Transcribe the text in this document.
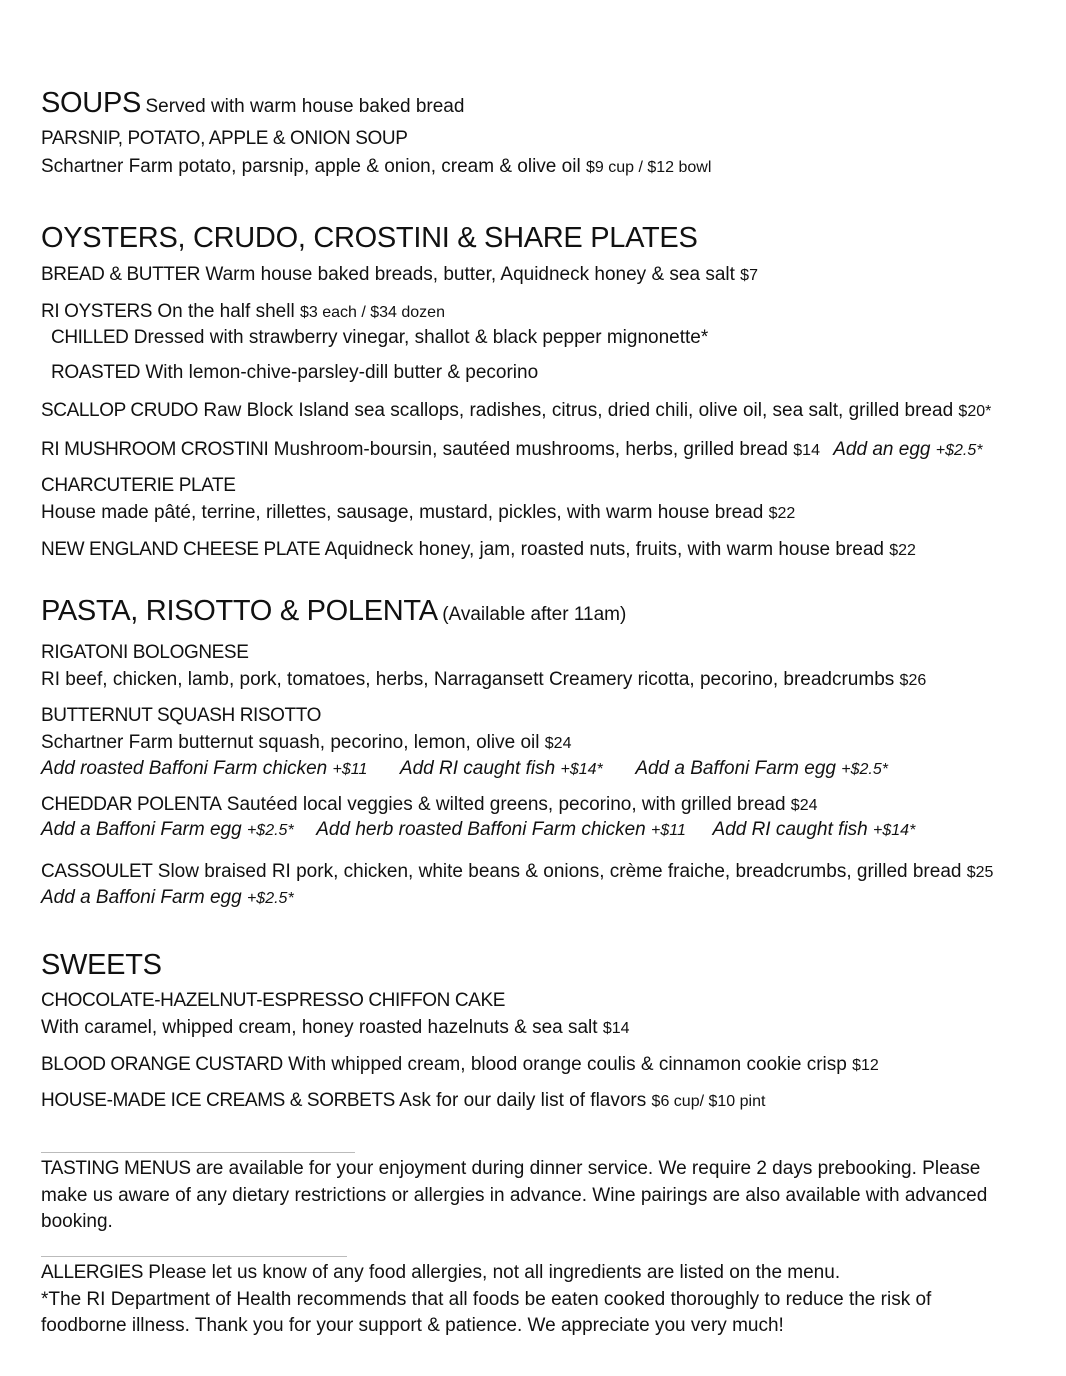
SOUPS Served with warm house baked bread
PARSNIP, POTATO, APPLE & ONION SOUP
Schartner Farm potato, parsnip, apple & onion, cream & olive oil $9 cup / $12 bowl
OYSTERS, CRUDO, CROSTINI & SHARE PLATES
BREAD & BUTTER Warm house baked breads, butter, Aquidneck honey & sea salt $7
RI OYSTERS On the half shell $3 each / $34 dozen
CHILLED Dressed with strawberry vinegar, shallot & black pepper mignonette*
ROASTED With lemon-chive-parsley-dill butter & pecorino
SCALLOP CRUDO Raw Block Island sea scallops, radishes, citrus, dried chili, olive oil, sea salt, grilled bread $20*
RI MUSHROOM CROSTINI Mushroom-boursin, sautéed mushrooms, herbs, grilled bread $14 Add an egg +$2.5*
CHARCUTERIE PLATE
House made pâté, terrine, rillettes, sausage, mustard, pickles, with warm house bread $22
NEW ENGLAND CHEESE PLATE Aquidneck honey, jam, roasted nuts, fruits, with warm house bread $22
PASTA, RISOTTO & POLENTA (Available after 11am)
RIGATONI BOLOGNESE
RI beef, chicken, lamb, pork, tomatoes, herbs, Narragansett Creamery ricotta, pecorino, breadcrumbs $26
BUTTERNUT SQUASH RISOTTO
Schartner Farm butternut squash, pecorino, lemon, olive oil $24
Add roasted Baffoni Farm chicken +$11 Add RI caught fish +$14* Add a Baffoni Farm egg +$2.5*
CHEDDAR POLENTA Sautéed local veggies & wilted greens, pecorino, with grilled bread $24
Add a Baffoni Farm egg +$2.5* Add herb roasted Baffoni Farm chicken +$11 Add RI caught fish +$14*
CASSOULET Slow braised RI pork, chicken, white beans & onions, crème fraiche, breadcrumbs, grilled bread $25
Add a Baffoni Farm egg +$2.5*
SWEETS
CHOCOLATE-HAZELNUT-ESPRESSO CHIFFON CAKE
With caramel, whipped cream, honey roasted hazelnuts & sea salt $14
BLOOD ORANGE CUSTARD With whipped cream, blood orange coulis & cinnamon cookie crisp $12
HOUSE-MADE ICE CREAMS & SORBETS Ask for our daily list of flavors $6 cup/ $10 pint
TASTING MENUS are available for your enjoyment during dinner service. We require 2 days prebooking. Please make us aware of any dietary restrictions or allergies in advance. Wine pairings are also available with advanced booking.
ALLERGIES Please let us know of any food allergies, not all ingredients are listed on the menu.
*The RI Department of Health recommends that all foods be eaten cooked thoroughly to reduce the risk of foodborne illness. Thank you for your support & patience. We appreciate you very much!
